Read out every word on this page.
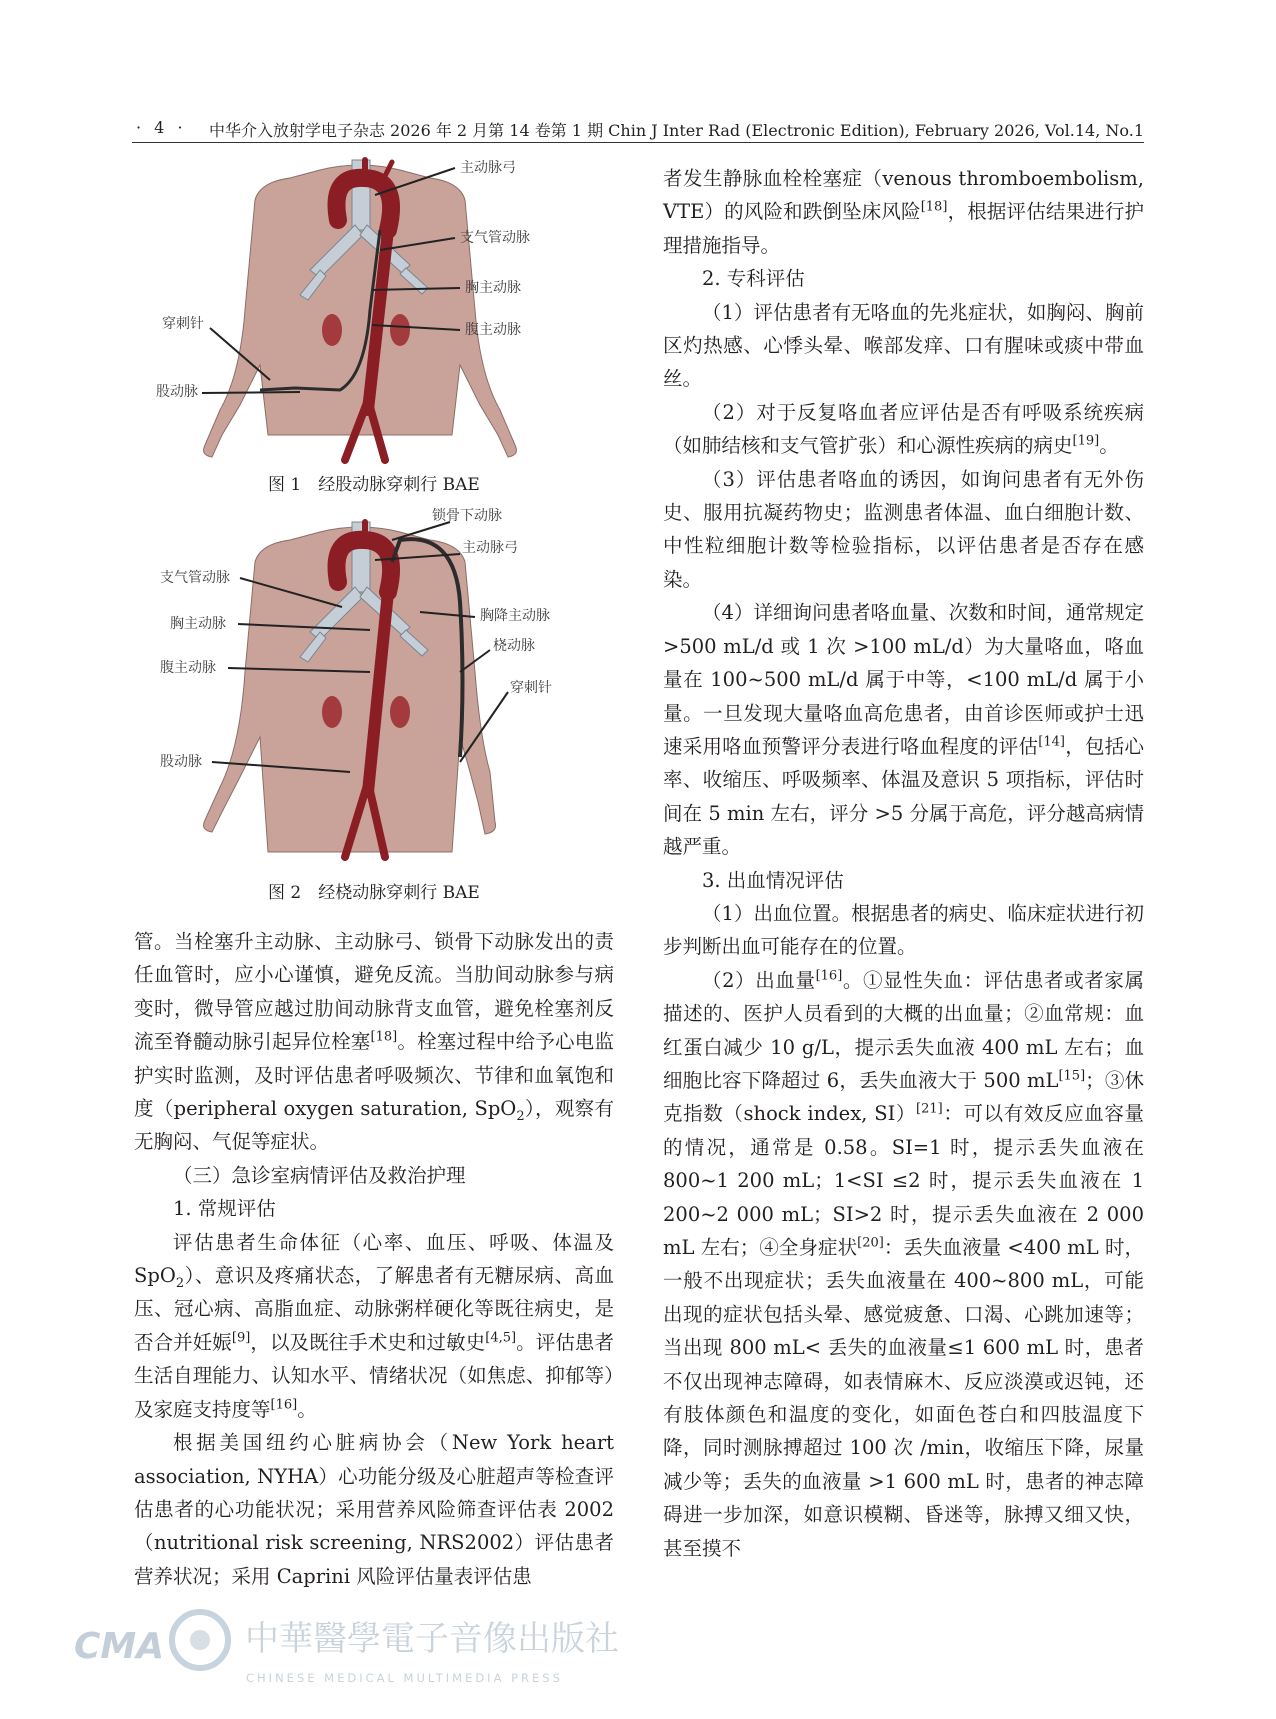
· 4 · 中华介入放射学电子杂志 2026 年 2 月第 14 卷第 1 期 Chin J Inter Rad (Electronic Edition), February 2026, Vol.14, No.1
主动脉弓
支气管动脉
胸主动脉
腹主动脉
穿刺针
股动脉
图 1　经股动脉穿刺行 BAE
锁骨下动脉
主动脉弓
支气管动脉
胸降主动脉
胸主动脉
桡动脉
腹主动脉
穿刺针
股动脉
图 2　经桡动脉穿刺行 BAE

管。当栓塞升主动脉、主动脉弓、锁骨下动脉发出的责任血管时，应小心谨慎，避免反流。当肋间动脉参与病变时，微导管应越过肋间动脉背支血管，避免栓塞剂反流至脊髓动脉引起异位栓塞[18]。栓塞过程中给予心电监护实时监测，及时评估患者呼吸频次、节律和血氧饱和度（peripheral oxygen saturation, SpO$_2$），观察有无胸闷、气促等症状。

（三）急诊室病情评估及救治护理

1. 常规评估

评估患者生命体征（心率、血压、呼吸、体温及 SpO$_2$）、意识及疼痛状态，了解患者有无糖尿病、高血压、冠心病、高脂血症、动脉粥样硬化等既往病史，是否合并妊娠[9]，以及既往手术史和过敏史[4,5]。评估患者生活自理能力、认知水平、情绪状况（如焦虑、抑郁等）及家庭支持度等[16]。

根据美国纽约心脏病协会（New York heart association, NYHA）心功能分级及心脏超声等检查评估患者的心功能状况；采用营养风险筛查评估表 2002（nutritional risk screening, NRS2002）评估患者营养状况；采用 Caprini 风险评估量表评估患

者发生静脉血栓栓塞症（venous thromboembolism, VTE）的风险和跌倒坠床风险[18]，根据评估结果进行护理措施指导。

2. 专科评估

（1）评估患者有无咯血的先兆症状，如胸闷、胸前区灼热感、心悸头晕、喉部发痒、口有腥味或痰中带血丝。

（2）对于反复咯血者应评估是否有呼吸系统疾病（如肺结核和支气管扩张）和心源性疾病的病史[19]。

（3）评估患者咯血的诱因，如询问患者有无外伤史、服用抗凝药物史；监测患者体温、血白细胞计数、中性粒细胞计数等检验指标，以评估患者是否存在感染。

（4）详细询问患者咯血量、次数和时间，通常规定 >500 mL/d 或 1 次 >100 mL/d）为大量咯血，咯血量在 100~500 mL/d 属于中等，<100 mL/d 属于小量。一旦发现大量咯血高危患者，由首诊医师或护士迅速采用咯血预警评分表进行咯血程度的评估[14]，包括心率、收缩压、呼吸频率、体温及意识 5 项指标，评估时间在 5 min 左右，评分 >5 分属于高危，评分越高病情越严重。

3. 出血情况评估

（1）出血位置。根据患者的病史、临床症状进行初步判断出血可能存在的位置。

（2）出血量[16]。①显性失血：评估患者或者家属描述的、医护人员看到的大概的出血量；②血常规：血红蛋白减少 10 g/L，提示丢失血液 400 mL 左右；血细胞比容下降超过 6，丢失血液大于 500 mL[15]；③休克指数（shock index, SI）[21]：可以有效反应血容量的情况，通常是 0.58。SI=1 时，提示丢失血液在 800~1 200 mL；1<SI ≤2 时，提示丢失血液在 1 200~2 000 mL；SI>2 时，提示丢失血液在 2 000 mL 左右；④全身症状[20]：丢失血液量 <400 mL 时，一般不出现症状；丢失血液量在 400~800 mL，可能出现的症状包括头晕、感觉疲惫、口渴、心跳加速等；当出现 800 mL< 丢失的血液量≤1 600 mL 时，患者不仅出现神志障碍，如表情麻木、反应淡漠或迟钝，还有肢体颜色和温度的变化，如面色苍白和四肢温度下降，同时测脉搏超过 100 次 /min，收缩压下降，尿量减少等；丢失的血液量 >1 600 mL 时，患者的神志障碍进一步加深，如意识模糊、昏迷等，脉搏又细又快，甚至摸不

CMA 中華醫學電子音像出版社
CHINESE MEDICAL MULTIMEDIA PRESS
